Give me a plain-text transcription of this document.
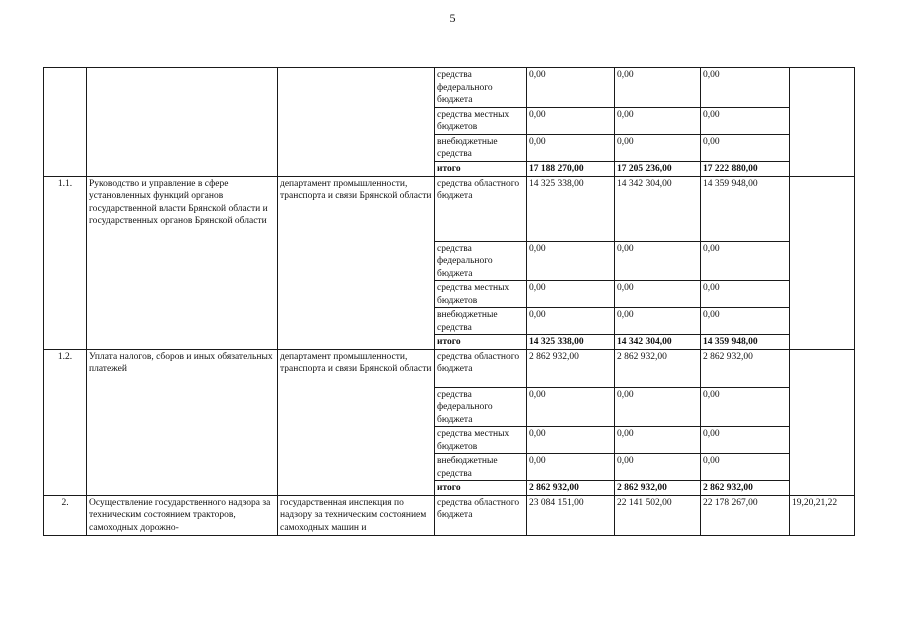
5
			средства федерального бюджета	0,00	0,00	0,00	
			средства местных бюджетов	0,00	0,00	0,00	
			внебюджетные средства	0,00	0,00	0,00	
			итого	17 188 270,00	17 205 236,00	17 222 880,00	
1.1.	Руководство и управление в сфере установленных функций органов государственной власти Брянской области и государственных органов Брянской области	департамент промышленности, транспорта и связи Брянской области	средства областного бюджета	14 325 338,00	14 342 304,00	14 359 948,00	
			средства федерального бюджета	0,00	0,00	0,00	
			средства местных бюджетов	0,00	0,00	0,00	
			внебюджетные средства	0,00	0,00	0,00	
			итого	14 325 338,00	14 342 304,00	14 359 948,00	
1.2.	Уплата налогов, сборов и иных обязательных платежей	департамент промышленности, транспорта и связи Брянской области	средства областного бюджета	2 862 932,00	2 862 932,00	2 862 932,00	
			средства федерального бюджета	0,00	0,00	0,00	
			средства местных бюджетов	0,00	0,00	0,00	
			внебюджетные средства	0,00	0,00	0,00	
			итого	2 862 932,00	2 862 932,00	2 862 932,00	
2.	Осуществление государственного надзора за техническим состоянием тракторов, самоходных дорожно-	государственная инспекция по надзору за техническим состоянием самоходных машин и	средства областного бюджета	23 084 151,00	22 141 502,00	22 178 267,00	19,20,21,22
